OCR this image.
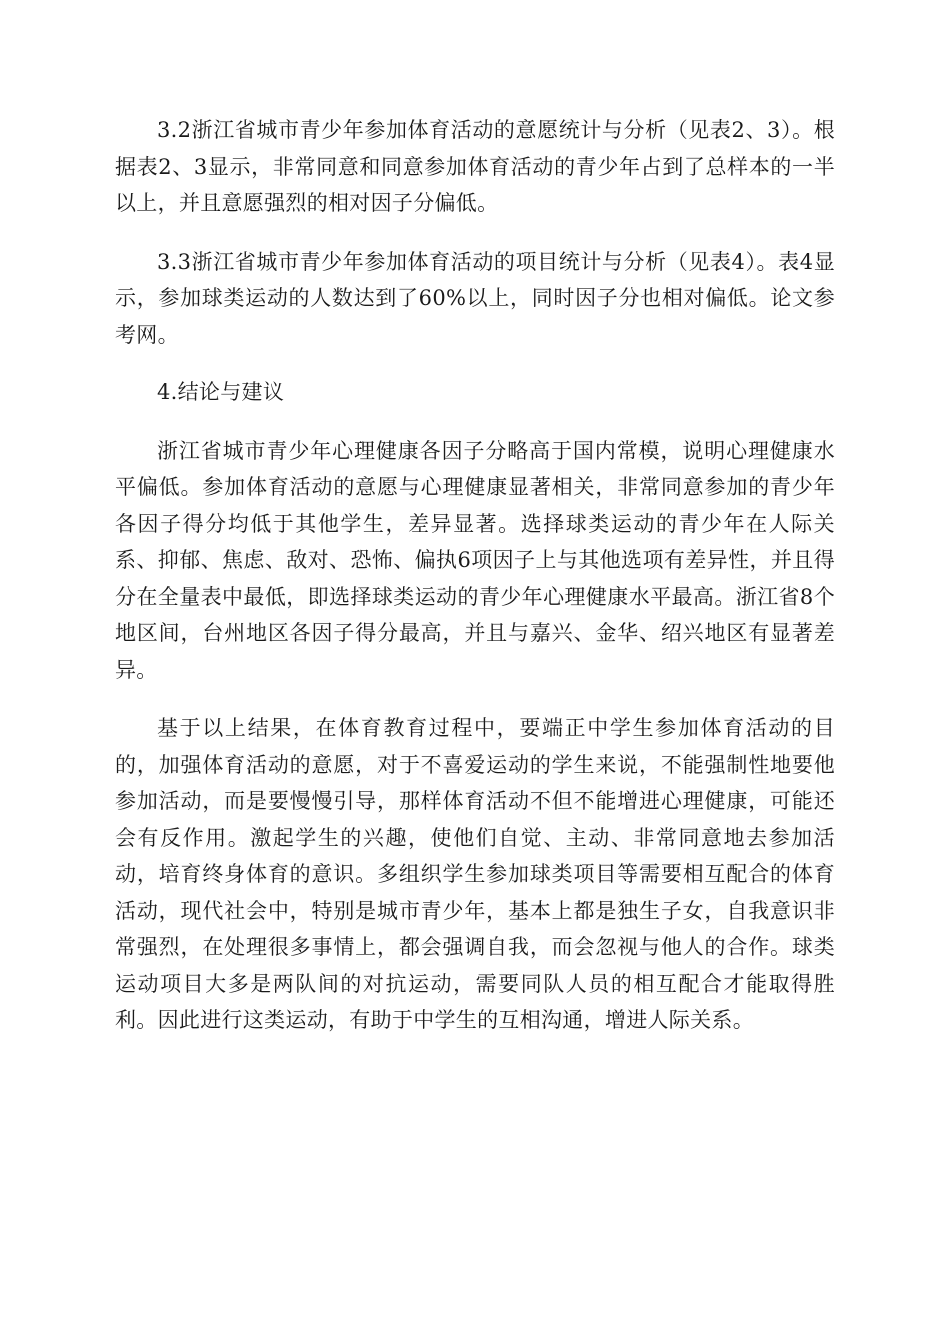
3.2浙江省城市青少年参加体育活动的意愿统计与分析（见表2、3）。根据表2、3显示，非常同意和同意参加体育活动的青少年占到了总样本的一半以上，并且意愿强烈的相对因子分偏低。

3.3浙江省城市青少年参加体育活动的项目统计与分析（见表4）。表4显示，参加球类运动的人数达到了60%以上，同时因子分也相对偏低。论文参考网。

4.结论与建议

浙江省城市青少年心理健康各因子分略高于国内常模，说明心理健康水平偏低。参加体育活动的意愿与心理健康显著相关，非常同意参加的青少年各因子得分均低于其他学生，差异显著。选择球类运动的青少年在人际关系、抑郁、焦虑、敌对、恐怖、偏执6项因子上与其他选项有差异性，并且得分在全量表中最低，即选择球类运动的青少年心理健康水平最高。浙江省8个地区间，台州地区各因子得分最高，并且与嘉兴、金华、绍兴地区有显著差异。

基于以上结果，在体育教育过程中，要端正中学生参加体育活动的目的，加强体育活动的意愿，对于不喜爱运动的学生来说，不能强制性地要他参加活动，而是要慢慢引导，那样体育活动不但不能增进心理健康，可能还会有反作用。激起学生的兴趣，使他们自觉、主动、非常同意地去参加活动，培育终身体育的意识。多组织学生参加球类项目等需要相互配合的体育活动，现代社会中，特别是城市青少年，基本上都是独生子女，自我意识非常强烈，在处理很多事情上，都会强调自我，而会忽视与他人的合作。球类运动项目大多是两队间的对抗运动，需要同队人员的相互配合才能取得胜利。因此进行这类运动，有助于中学生的互相沟通，增进人际关系。
